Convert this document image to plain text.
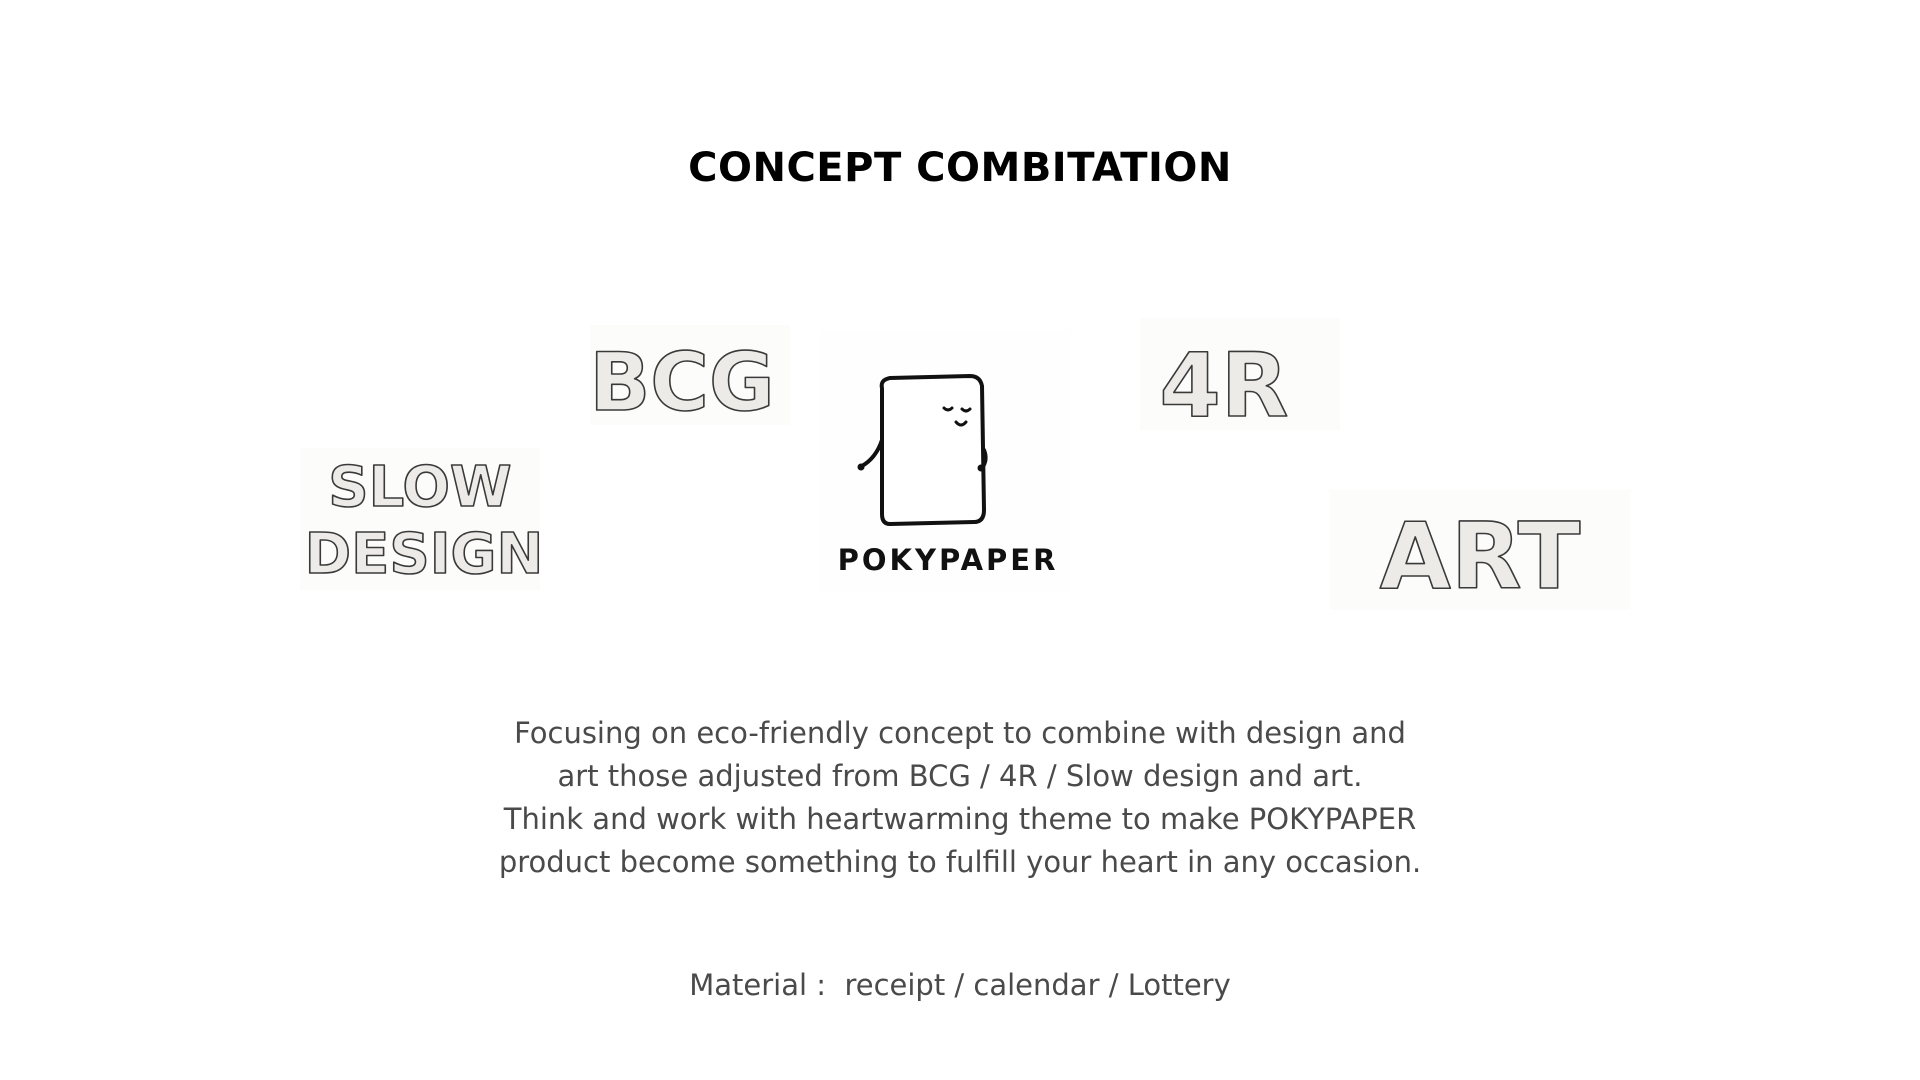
CONCEPT COMBITATION
SLOW
DESIGN
BCG
POKYPAPER
4R
ART
Focusing on eco-friendly concept to combine with design and
art those adjusted from BCG / 4R / Slow design and art.
Think and work with heartwarming theme to make POKYPAPER
product become something to fulfill your heart in any occasion.
Material : receipt / calendar / Lottery
